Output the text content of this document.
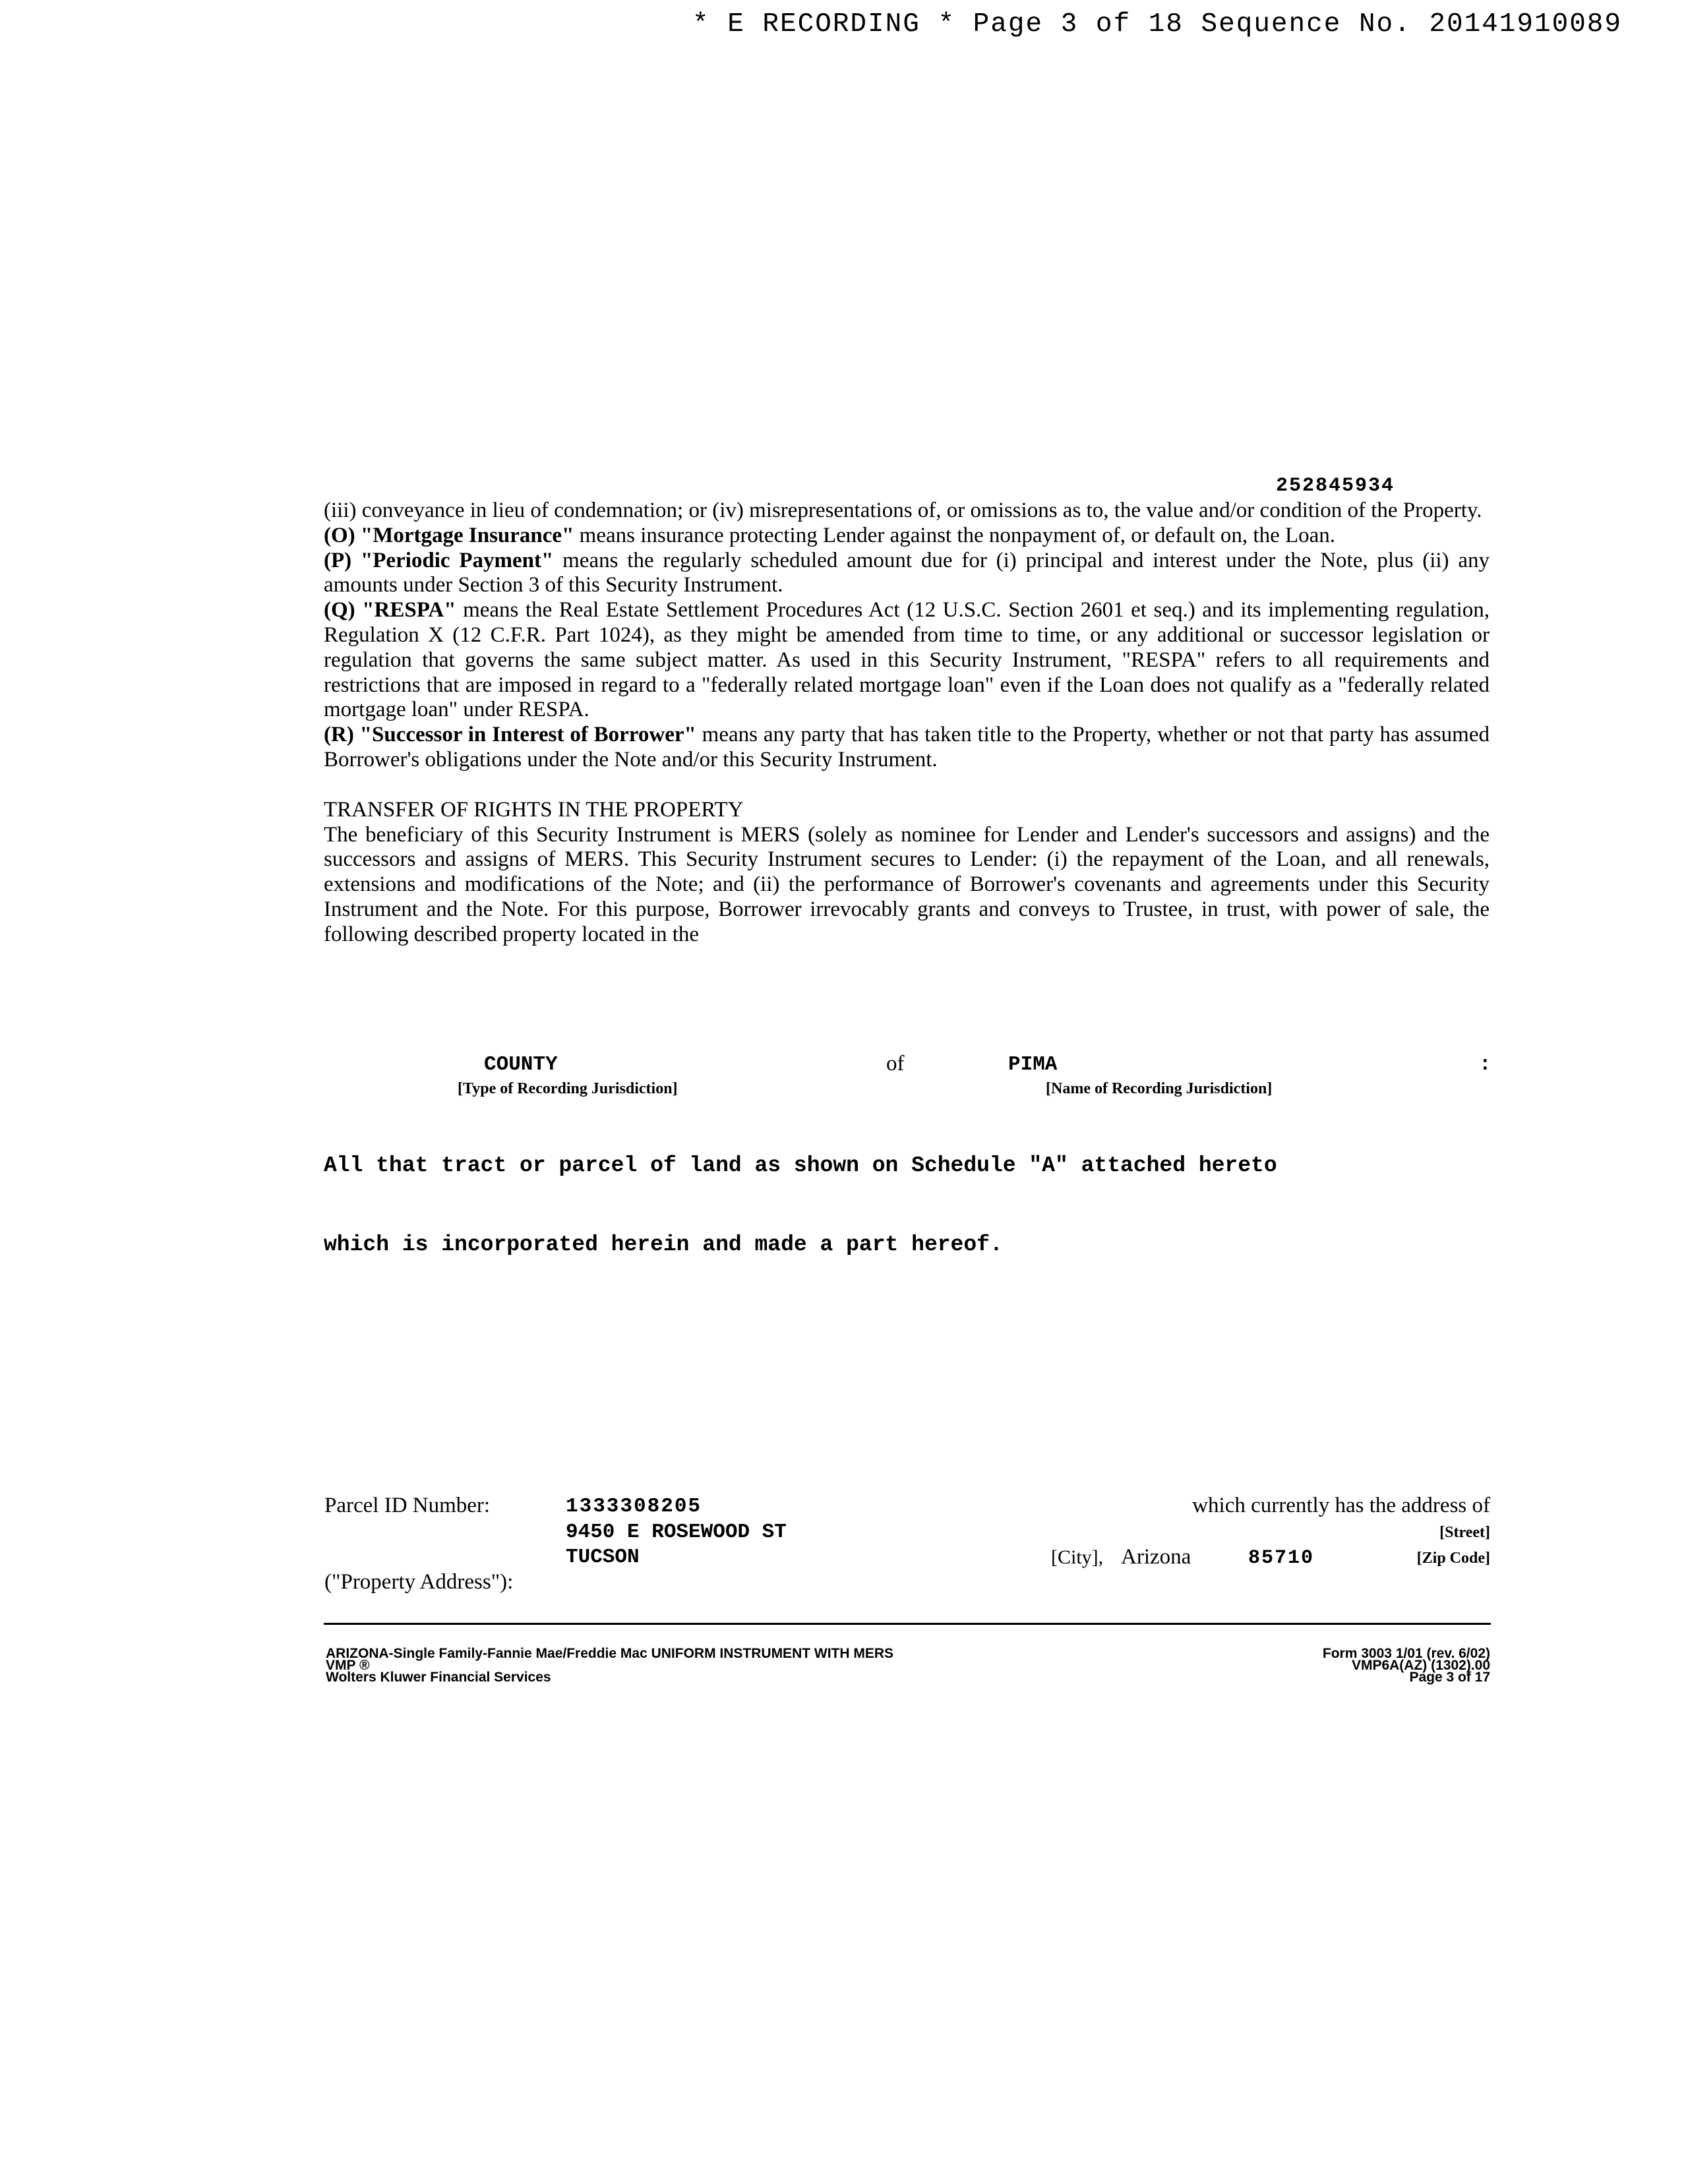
* E RECORDING * Page 3 of 18 Sequence No. 20141910089
252845934

(iii) conveyance in lieu of condemnation; or (iv) misrepresentations of, or omissions as to, the value and/or condition of the Property.

(O) "Mortgage Insurance" means insurance protecting Lender against the nonpayment of, or default on, the Loan.

(P) "Periodic Payment" means the regularly scheduled amount due for (i) principal and interest under the Note, plus (ii) any amounts under Section 3 of this Security Instrument.

(Q) "RESPA" means the Real Estate Settlement Procedures Act (12 U.S.C. Section 2601 et seq.) and its implementing regulation, Regulation X (12 C.F.R. Part 1024), as they might be amended from time to time, or any additional or successor legislation or regulation that governs the same subject matter. As used in this Security Instrument, "RESPA" refers to all requirements and restrictions that are imposed in regard to a "federally related mortgage loan" even if the Loan does not qualify as a "federally related mortgage loan" under RESPA.

(R) "Successor in Interest of Borrower" means any party that has taken title to the Property, whether or not that party has assumed Borrower's obligations under the Note and/or this Security Instrument.

TRANSFER OF RIGHTS IN THE PROPERTY

The beneficiary of this Security Instrument is MERS (solely as nominee for Lender and Lender's successors and assigns) and the successors and assigns of MERS. This Security Instrument secures to Lender: (i) the repayment of the Loan, and all renewals, extensions and modifications of the Note; and (ii) the performance of Borrower's covenants and agreements under this Security Instrument and the Note. For this purpose, Borrower irrevocably grants and conveys to Trustee, in trust, with power of sale, the following described property located in the

COUNTY	of	PIMA	:
[Type of Recording Jurisdiction]	[Name of Recording Jurisdiction]

All that tract or parcel of land as shown on Schedule "A" attached hereto

which is incorporated herein and made a part hereof.

Parcel ID Number:	1333308205	which currently has the address of
9450 E ROSEWOOD ST	[Street]
TUCSON	[City], Arizona	85710	[Zip Code]
("Property Address"):
ARIZONA-Single Family-Fannie Mae/Freddie Mac UNIFORM INSTRUMENT WITH MERS
VMP ®
Wolters Kluwer Financial Services
Form 3003 1/01 (rev. 6/02)
VMP6A(AZ) (1302).00
Page 3 of 17
